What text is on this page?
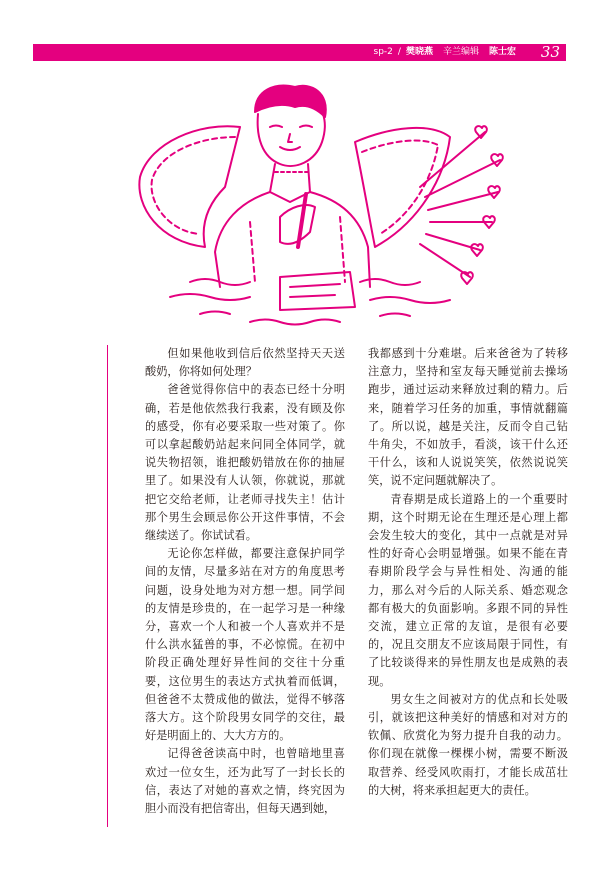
sp-2 / 樊晓燕 辛兰编辑 陈士宏 33

但如果他收到信后依然坚持天天送酸奶，你将如何处理？

爸爸觉得你信中的表态已经十分明确，若是他依然我行我素，没有顾及你的感受，你有必要采取一些对策了。你可以拿起酸奶站起来问同全体同学，就说失物招领，谁把酸奶错放在你的抽屉里了。如果没有人认领，你就说，那就把它交给老师，让老师寻找失主！估计那个男生会顾忌你公开这件事情，不会继续送了。你试试看。

无论你怎样做，都要注意保护同学间的友情，尽量多站在对方的角度思考问题，设身处地为对方想一想。同学间的友情是珍贵的，在一起学习是一种缘分，喜欢一个人和被一个人喜欢并不是什么洪水猛兽的事，不必惊慌。在初中阶段正确处理好异性间的交往十分重要，这位男生的表达方式执着而低调，但爸爸不太赞成他的做法，觉得不够落落大方。这个阶段男女同学的交往，最好是明面上的、大大方方的。

记得爸爸读高中时，也曾暗地里喜欢过一位女生，还为此写了一封长长的信，表达了对她的喜欢之情，终究因为胆小而没有把信寄出，但每天遇到她，

我都感到十分难堪。后来爸爸为了转移注意力，坚持和室友每天睡觉前去操场跑步，通过运动来释放过剩的精力。后来，随着学习任务的加重，事情就翻篇了。所以说，越是关注，反而令自己钻牛角尖，不如放手，看淡，该干什么还干什么，该和人说说笑笑，依然说说笑笑，说不定问题就解决了。

青春期是成长道路上的一个重要时期，这个时期无论在生理还是心理上都会发生较大的变化，其中一点就是对异性的好奇心会明显增强。如果不能在青春期阶段学会与异性相处、沟通的能力，那么对今后的人际关系、婚恋观念都有极大的负面影响。多跟不同的异性交流，建立正常的友谊，是很有必要的，况且交朋友不应该局限于同性，有了比较谈得来的异性朋友也是成熟的表现。

男女生之间被对方的优点和长处吸引，就该把这种美好的情感和对对方的钦佩、欣赏化为努力提升自我的动力。你们现在就像一棵棵小树，需要不断汲取营养、经受风吹雨打，才能长成茁壮的大树，将来承担起更大的责任。
